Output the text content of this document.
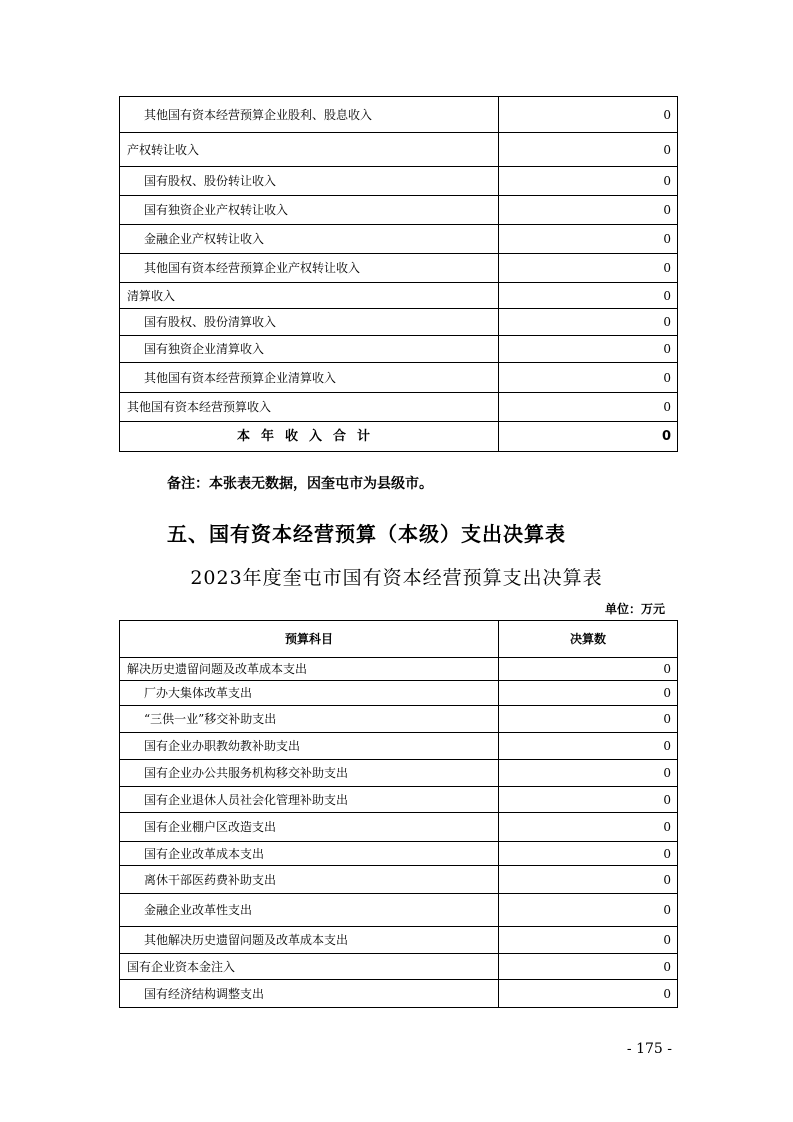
其他国有资本经营预算企业股利、股息收入	0
产权转让收入	0
国有股权、股份转让收入	0
国有独资企业产权转让收入	0
金融企业产权转让收入	0
其他国有资本经营预算企业产权转让收入	0
清算收入	0
国有股权、股份清算收入	0
国有独资企业清算收入	0
其他国有资本经营预算企业清算收入	0
其他国有资本经营预算收入	0
本年收入合计	0
备注：本张表无数据，因奎屯市为县级市。
五、国有资本经营预算（本级）支出决算表
2023年度奎屯市国有资本经营预算支出决算表
单位：万元
预算科目	决算数
解决历史遗留问题及改革成本支出	0
厂办大集体改革支出	0
“三供一业”移交补助支出	0
国有企业办职教幼教补助支出	0
国有企业办公共服务机构移交补助支出	0
国有企业退休人员社会化管理补助支出	0
国有企业棚户区改造支出	0
国有企业改革成本支出	0
离休干部医药费补助支出	0
金融企业改革性支出	0
其他解决历史遗留问题及改革成本支出	0
国有企业资本金注入	0
国有经济结构调整支出	0
- 175 -
